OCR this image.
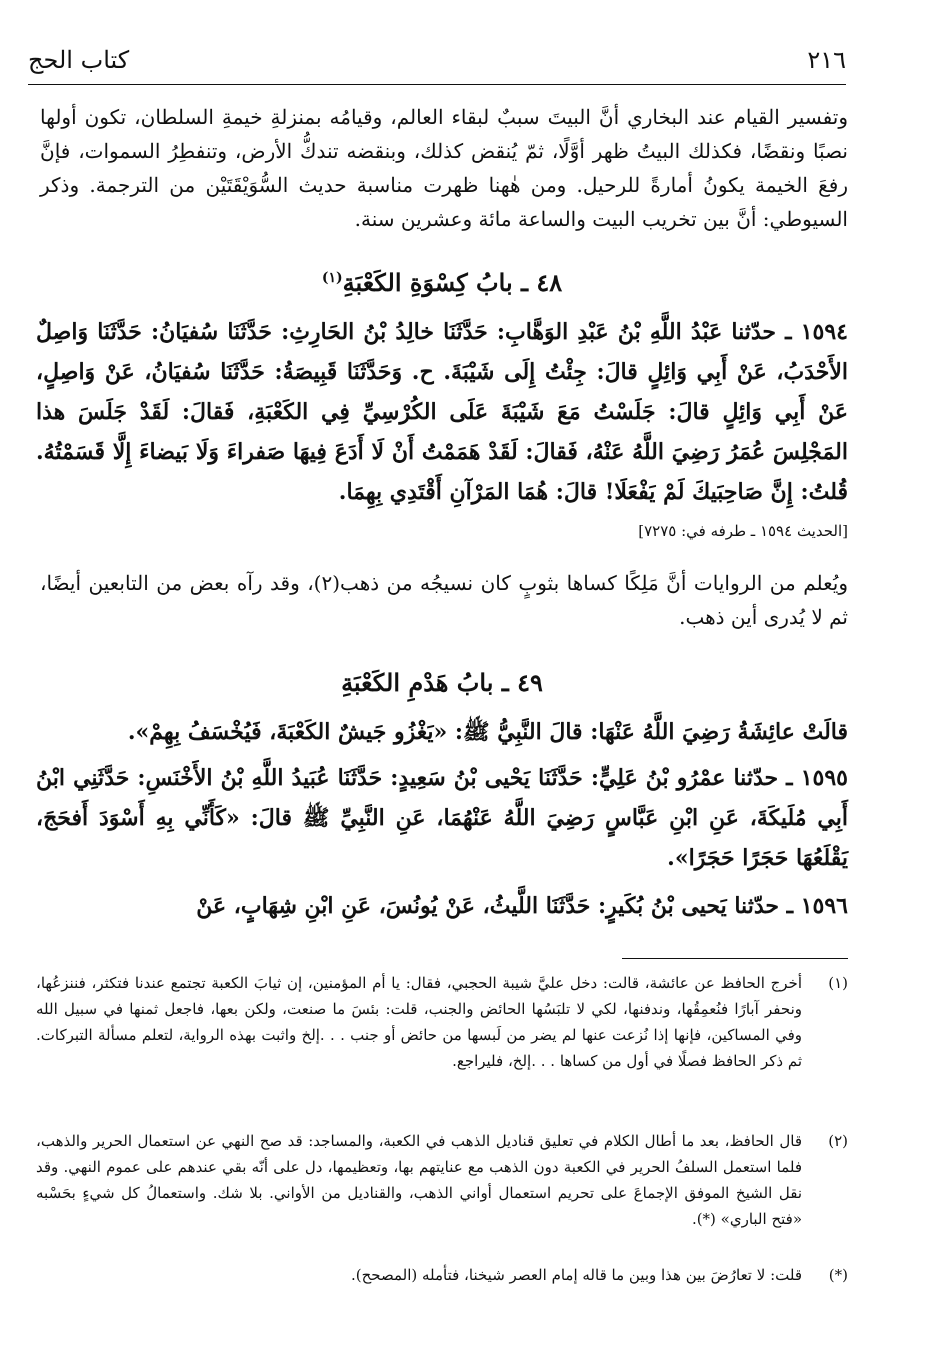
٢١٦
كتاب الحج
وتفسير القيام عند البخاري أنَّ البيتَ سببٌ لبقاء العالم، وقيامُه بمنزلةِ خيمةِ السلطان، تكون أولها نصبًا ونقضًا، فكذلك البيتُ ظهر أوَّلًا، ثمّ يُنقض كذلك، وبنقضه تندكُّ الأرض، وتنفطِرُ السموات، فإنَّ رفعَ الخيمة يكونُ أمارةً للرحيل. ومن هٰهنا ظهرت مناسبة حديث السُّوَيْقَتَيْن من الترجمة. وذكر السيوطي: أنَّ بين تخريب البيت والساعة مائة وعشرين سنة.
٤٨ ـ بابُ كِسْوَةِ الكَعْبَةِ$^{(١)}$
١٥٩٤ ـ حدّثنا عَبْدُ اللَّهِ بْنُ عَبْدِ الوَهَّابِ: حَدَّثَنَا خالِدُ بْنُ الحَارِثِ: حَدَّثَنَا سُفيَانُ: حَدَّثَنَا وَاصِلٌ الأَحْدَبُ، عَنْ أَبِي وَائِلٍ قالَ: جِئْتُ إِلَى شَيْبَةَ. ح. وَحَدَّثَنَا قَبِيصَةُ: حَدَّثَنَا سُفيَانُ، عَنْ وَاصِلٍ، عَنْ أَبِي وَائِلٍ قالَ: جَلَسْتُ مَعَ شَيْبَةَ عَلَى الكُرْسِيِّ فِي الكَعْبَةِ، فَقالَ: لَقَدْ جَلَسَ هذا المَجْلِسَ عُمَرُ رَضِيَ اللَّهُ عَنْهُ، فَقالَ: لَقَدْ هَمَمْتُ أَنْ لَا أَدَعَ فِيهَا صَفراءَ وَلَا بَيضاءَ إِلَّا قَسَمْتُهُ. قُلتُ: إِنَّ صَاحِبَيكَ لَمْ يَفْعَلَا! قالَ: هُمَا المَرْآنِ أَقْتَدِي بِهِمَا.
[الحديث ١٥٩٤ ـ طرفه في: ٧٢٧٥]
ويُعلم من الروايات أنَّ مَلِكًا كساها بثوبٍ كان نسيجُه من ذهب(٢)، وقد رآه بعض من التابعين أيضًا، ثم لا يُدرى أين ذهب.
٤٩ ـ بابُ هَدْمِ الكَعْبَةِ
قالَتْ عائِشَةُ رَضِيَ اللَّهُ عَنْهَا: قالَ النَّبِيُّ ﷺ: «يَغْزُو جَيشٌ الكَعْبَةَ، فَيُخْسَفُ بِهِمْ».
١٥٩٥ ـ حدّثنا عمْرُو بْنُ عَلِيٍّ: حَدَّثَنَا يَحْيى بْنُ سَعِيدٍ: حَدَّثَنَا عُبَيدُ اللَّهِ بْنُ الأَخْنَسِ: حَدَّثَنِي ابْنُ أَبِي مُلَيكَةَ، عَنِ ابْنِ عَبَّاسٍ رَضِيَ اللَّهُ عَنْهُمَا، عَنِ النَّبِيِّ ﷺ قالَ: «كَأَنِّي بِهِ أَسْوَدَ أَفحَجَ، يَقْلَعُهَا حَجَرًا حَجَرًا».
١٥٩٦ ـ حدّثنا يَحيى بْنُ بُكَيرٍ: حَدَّثَنَا اللَّيثُ، عَنْ يُونُسَ، عَنِ ابْنِ شِهَابٍ، عَنْ
(١)
أخرج الحافظ عن عائشة، قالت: دخل عليَّ شيبة الحجبي، فقال: يا أم المؤمنين، إن ثيابَ الكعبة تجتمع عندنا فتكثر، فننزعُها، ونحفر آبارًا فنُعمِقُها، وندفنها، لكي لا تلبَسُها الحائض والجنب، قلت: بئسَ ما صنعت، ولكن بعها، فاجعل ثمنها في سبيل الله وفي المساكين، فإنها إذا نُزعت عنها لم يضر من لَبسها من حائض أو جنب . . .إلخ واثبت بهذه الرواية، لتعلم مسألة التبركات. ثم ذكر الحافظ فصلًا في أول من كساها . . .إلخ، فليراجع.
(٢)
قال الحافظ، بعد ما أطال الكلام في تعليق قناديل الذهب في الكعبة، والمساجد: قد صح النهي عن استعمال الحرير والذهب، فلما استعمل السلفُ الحرير في الكعبة دون الذهب مع عنايتهم بها، وتعظيمها، دل على أنّه بقي عندهم على عموم النهي. وقد نقل الشيخ الموفق الإجماعَ على تحريم استعمال أواني الذهب، والقناديل من الأواني. بلا شك. واستعمالُ كل شيءٍ بحَسْبه «فتح الباري» (*).
(*)
قلت: لا تعارُضَ بين هذا وبين ما قاله إمام العصر شيخنا، فتأمله (المصحح).
